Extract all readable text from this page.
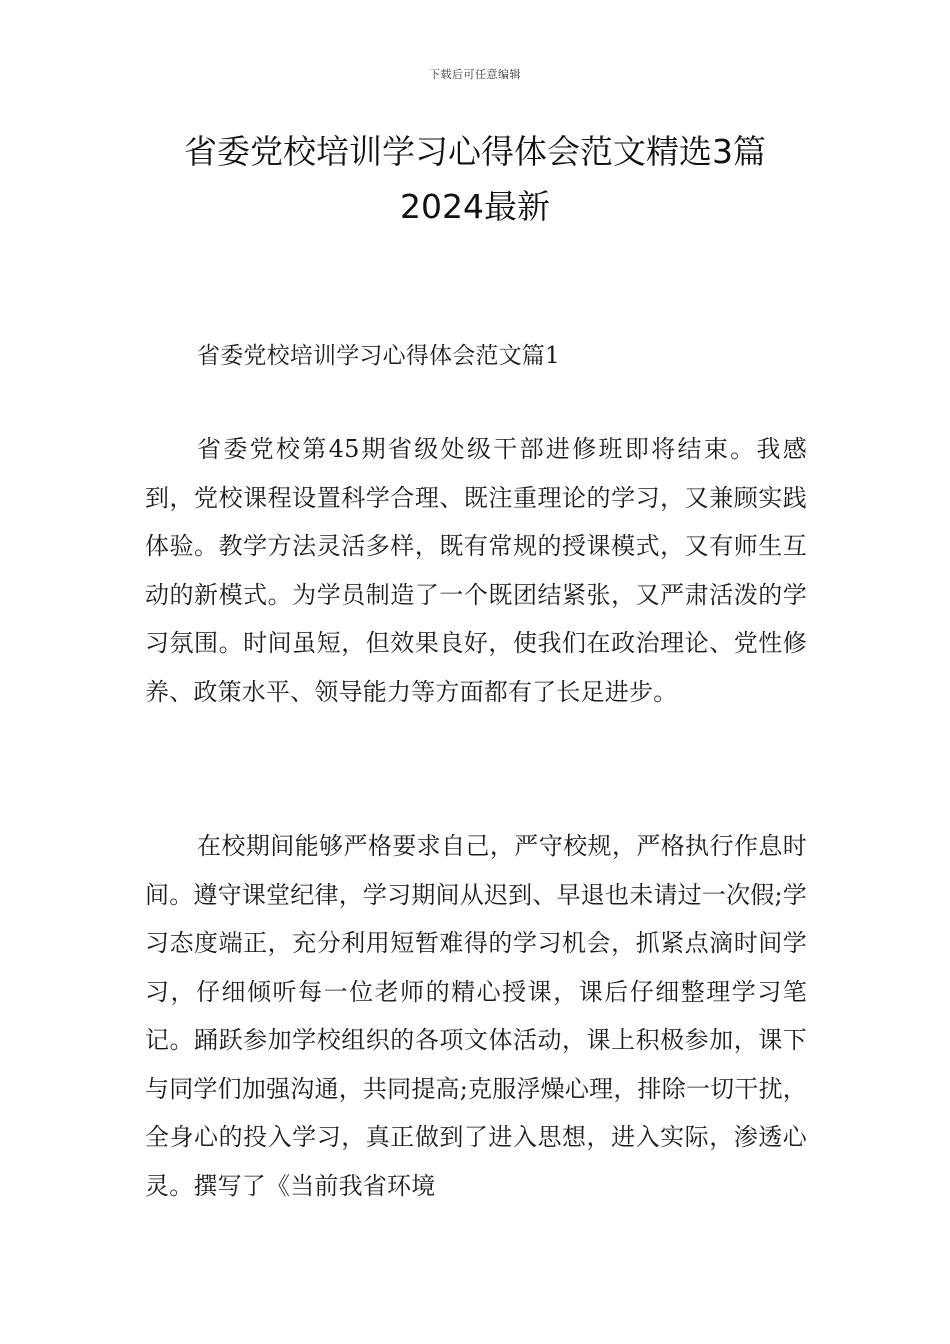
下载后可任意编辑
省委党校培训学习心得体会范文精选3篇
2024最新

省委党校培训学习心得体会范文篇1

省委党校第45期省级处级干部进修班即将结束。我感到，党校课程设置科学合理、既注重理论的学习，又兼顾实践体验。教学方法灵活多样，既有常规的授课模式，又有师生互动的新模式。为学员制造了一个既团结紧张，又严肃活泼的学习氛围。时间虽短，但效果良好，使我们在政治理论、党性修养、政策水平、领导能力等方面都有了长足进步。

在校期间能够严格要求自己，严守校规，严格执行作息时间。遵守课堂纪律，学习期间从迟到、早退也未请过一次假;学习态度端正，充分利用短暂难得的学习机会，抓紧点滴时间学习，仔细倾听每一位老师的精心授课，课后仔细整理学习笔记。踊跃参加学校组织的各项文体活动，课上积极参加，课下与同学们加强沟通，共同提高;克服浮燥心理，排除一切干扰，全身心的投入学习，真正做到了进入思想，进入实际，渗透心灵。撰写了《当前我省环境
